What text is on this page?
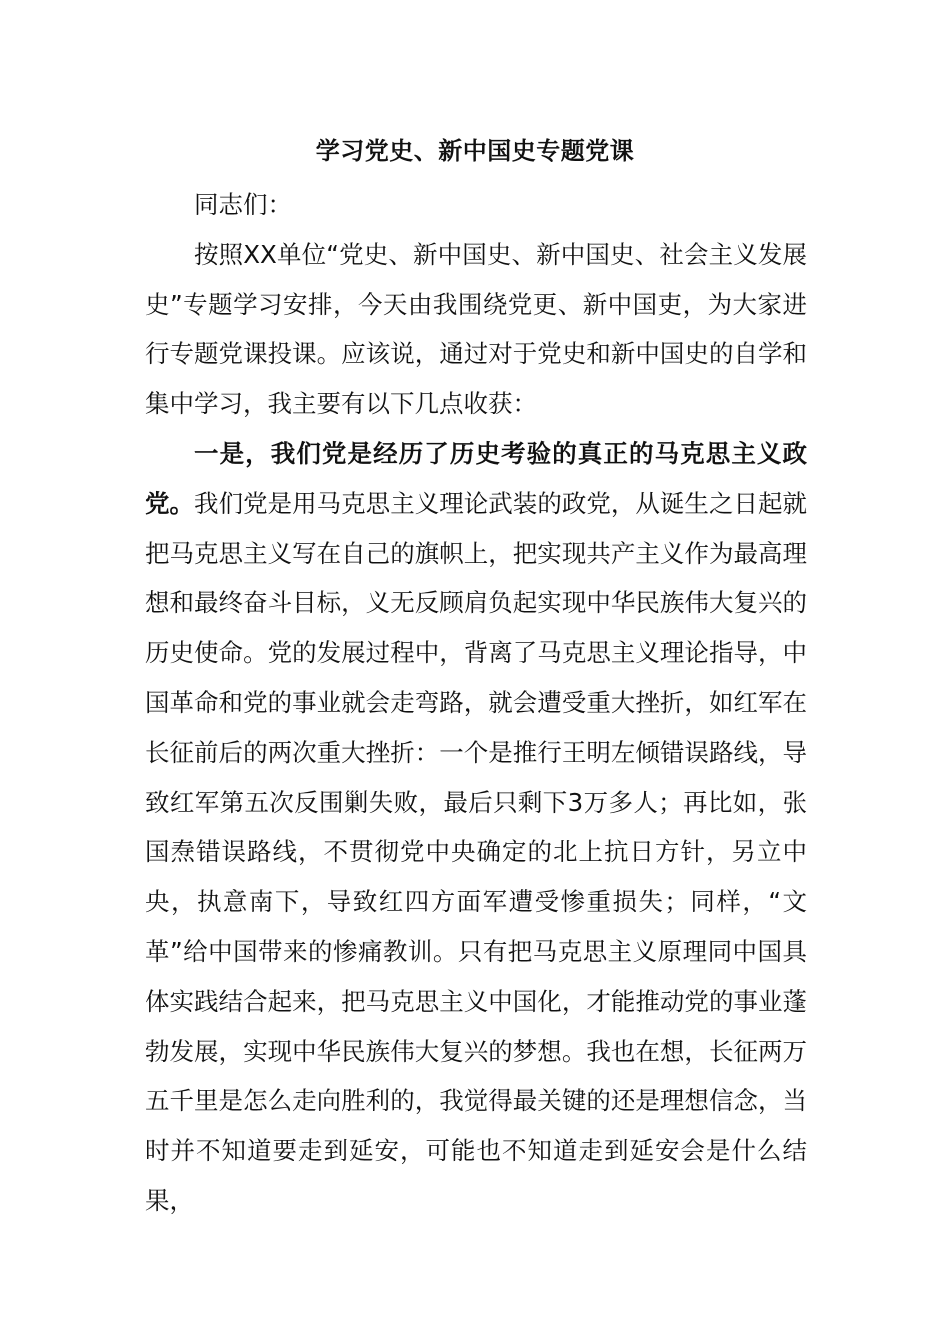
学习党史、新中国史专题党课

同志们：

按照XX单位“党史、新中国史、新中国史、社会主义发展史”专题学习安排，今天由我围绕党更、新中国吏，为大家进行专题党课投课。应该说，通过对于党史和新中国史的自学和集中学习，我主要有以下几点收获：

一是，我们党是经历了历史考验的真正的马克思主义政党。我们党是用马克思主义理论武装的政党，从诞生之日起就把马克思主义写在自己的旗帜上，把实现共产主义作为最高理想和最终奋斗目标，义无反顾肩负起实现中华民族伟大复兴的历史使命。党的发展过程中，背离了马克思主义理论指导，中国革命和党的事业就会走弯路，就会遭受重大挫折，如红军在长征前后的两次重大挫折：一个是推行王明左倾错误路线，导致红军第五次反围剿失败，最后只剩下3万多人；再比如，张国焘错误路线，不贯彻党中央确定的北上抗日方针，另立中央，执意南下，导致红四方面军遭受惨重损失；同样，“文革”给中国带来的惨痛教训。只有把马克思主义原理同中国具体实践结合起来，把马克思主义中国化，才能推动党的事业蓬勃发展，实现中华民族伟大复兴的梦想。我也在想，长征两万五千里是怎么走向胜利的，我觉得最关键的还是理想信念，当时并不知道要走到延安，可能也不知道走到延安会是什么结果，
